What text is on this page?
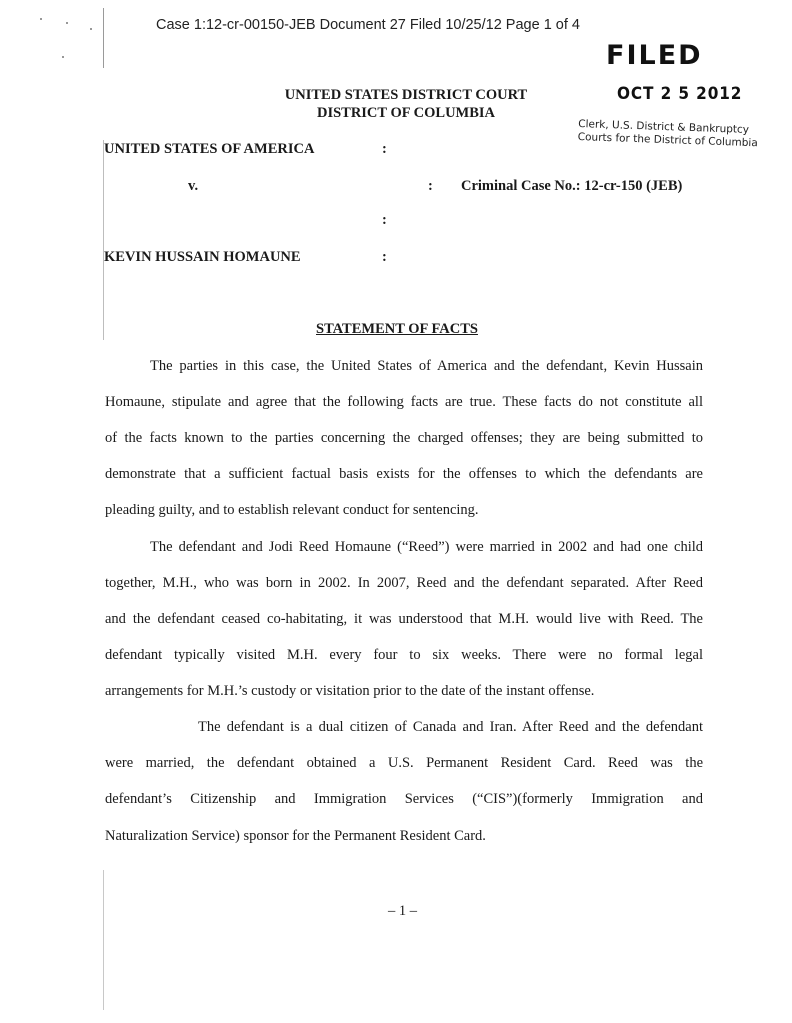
Case 1:12-cr-00150-JEB Document 27 Filed 10/25/12 Page 1 of 4
FILED
OCT 2 5 2012
Clerk, U.S. District & Bankruptcy
Courts for the District of Columbia
UNITED STATES DISTRICT COURT
DISTRICT OF COLUMBIA
UNITED STATES OF AMERICA	:
v.	: Criminal Case No.: 12-cr-150 (JEB)
:
KEVIN HUSSAIN HOMAUNE	:
STATEMENT OF FACTS
The parties in this case, the United States of America and the defendant, Kevin Hussain
Homaune, stipulate and agree that the following facts are true. These facts do not constitute all
of the facts known to the parties concerning the charged offenses; they are being submitted to
demonstrate that a sufficient factual basis exists for the offenses to which the defendants are
pleading guilty, and to establish relevant conduct for sentencing.
The defendant and Jodi Reed Homaune (“Reed”) were married in 2002 and had one child
together, M.H., who was born in 2002. In 2007, Reed and the defendant separated. After Reed
and the defendant ceased co-habitating, it was understood that M.H. would live with Reed. The
defendant typically visited M.H. every four to six weeks. There were no formal legal
arrangements for M.H.’s custody or visitation prior to the date of the instant offense.
The defendant is a dual citizen of Canada and Iran. After Reed and the defendant
were married, the defendant obtained a U.S. Permanent Resident Card. Reed was the
defendant’s Citizenship and Immigration Services (“CIS”)(formerly Immigration and
Naturalization Service) sponsor for the Permanent Resident Card.
– 1 –
